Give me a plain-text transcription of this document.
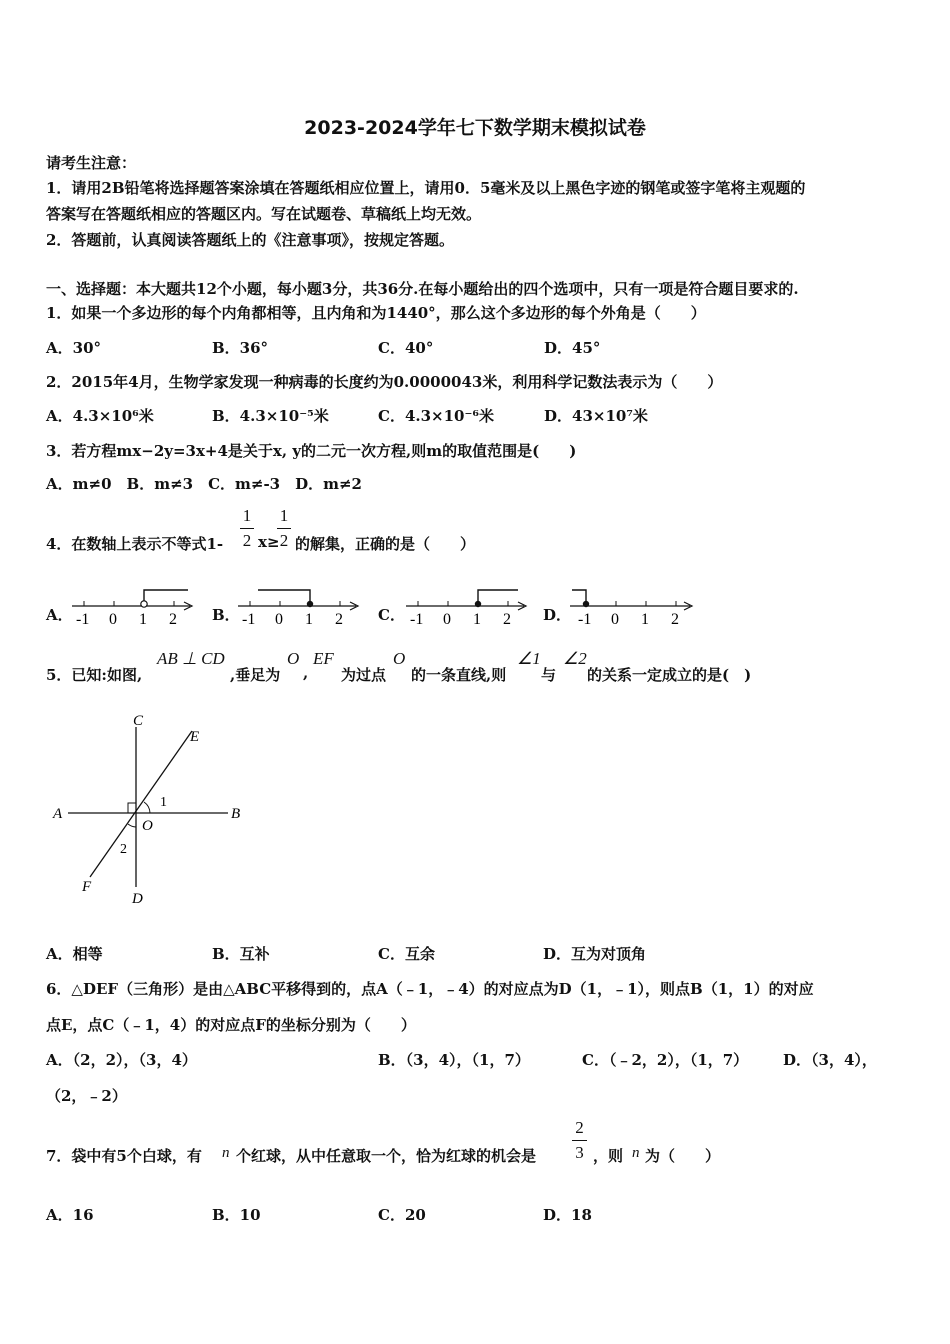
2023-2024学年七下数学期末模拟试卷
请考生注意：
1．请用2B铅笔将选择题答案涂填在答题纸相应位置上，请用0．5毫米及以上黑色字迹的钢笔或签字笔将主观题的
答案写在答题纸相应的答题区内。写在试题卷、草稿纸上均无效。
2．答题前，认真阅读答题纸上的《注意事项》，按规定答题。
一、选择题：本大题共12个小题，每小题3分，共36分.在每小题给出的四个选项中，只有一项是符合题目要求的.
1．如果一个多边形的每个内角都相等，且内角和为1440°，那么这个多边形的每个外角是（　　）
A．30°	B．36°	C．40°	D．45°
2．2015年4月，生物学家发现一种病毒的长度约为0.0000043米，利用科学记数法表示为（　　）
A．4.3×10⁶米	B．4.3×10⁻⁵米	C．4.3×10⁻⁶米	D．43×10⁷米
3．若方程mx−2y=3x+4是关于x, y的二元一次方程,则m的取值范围是(　　)
A．m≠0　B．m≠3　C．m≠-3　D．m≠2
4．在数轴上表示不等式1-
1
2 x≥
1
2 的解集，正确的是（　　）
A．	B．	C．	D．
-1 0 1 2	-1 0 1 2	-1 0 1 2	-1 0 1 2
5．已知:如图,
AB ⊥ CD
,垂足为
O
,
EF
为过点
O
的一条直线,则
∠1
与
∠2
的关系一定成立的是(　)
C
E
A	B
O
1
2
F
D
A．相等	B．互补	C．互余	D．互为对顶角
6．△DEF（三角形）是由△ABC平移得到的，点A（﹣1，﹣4）的对应点为D（1，﹣1），则点B（1，1）的对应
点E，点C（﹣1，4）的对应点F的坐标分别为（　　）
A．（2，2），（3，4）	B．（3，4），（1，7）	C．（﹣2，2），（1，7） D．（3，4），
（2，﹣2）
7．袋中有5个白球，有 n 个红球，从中任意取一个，恰为红球的机会是
2
3 ，则 n 为（　　）
A．16	B．10	C．20	D．18
